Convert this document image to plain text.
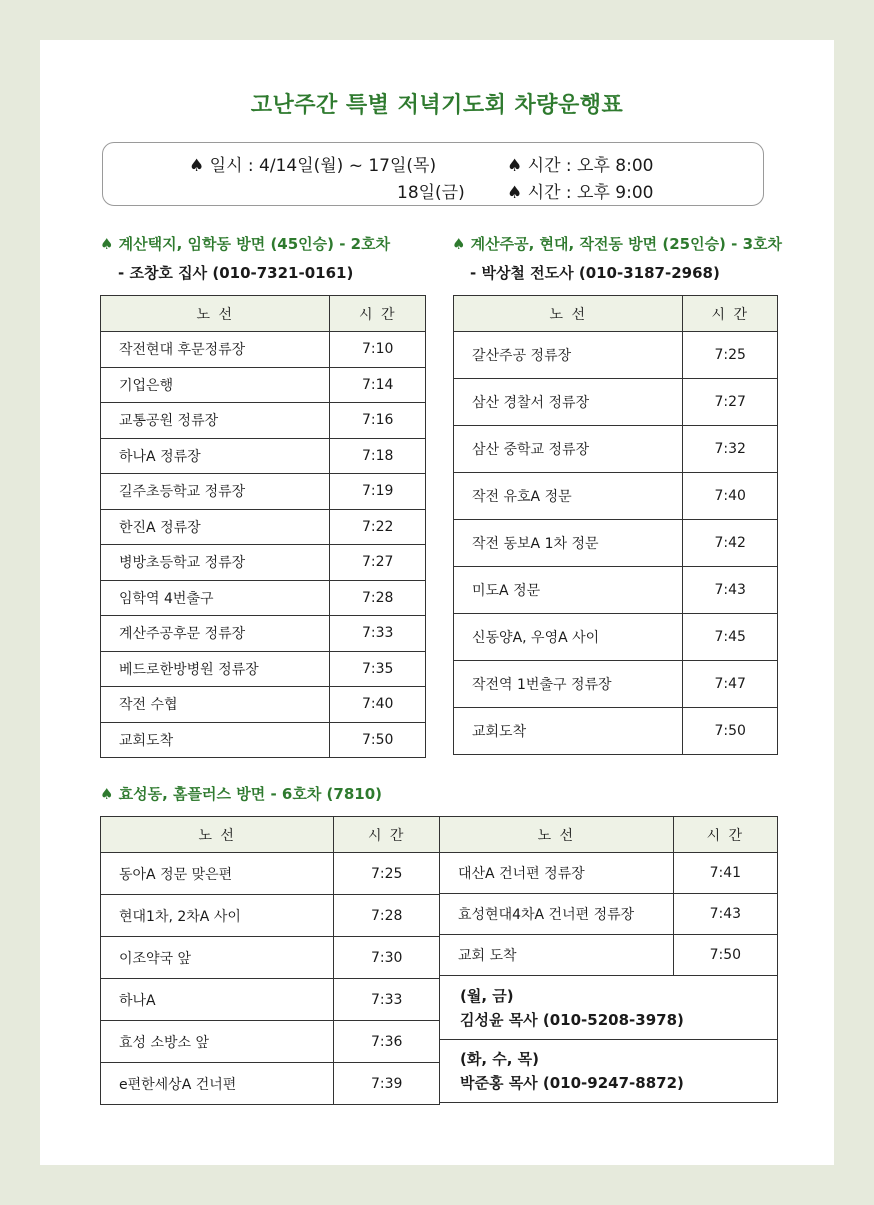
고난주간 특별 저녁기도회 차량운행표
♠ 일시 : 4/14일(월) ~ 17일(목)	♠ 시간 : 오후 8:00
18일(금) ♠ 시간 : 오후 9:00
♠ 계산택지, 임학동 방면 (45인승) - 2호차
- 조창호 집사 (010-7321-0161)
노 선	시 간
작전현대 후문정류장	7:10
기업은행	7:14
교통공원 정류장	7:16
하나A 정류장	7:18
길주초등학교 정류장	7:19
한진A 정류장	7:22
병방초등학교 정류장	7:27
임학역 4번출구	7:28
계산주공후문 정류장	7:33
베드로한방병원 정류장	7:35
작전 수협	7:40
교회도착	7:50
♠ 계산주공, 현대, 작전동 방면 (25인승) - 3호차
- 박상철 전도사 (010-3187-2968)
노 선	시 간
갈산주공 정류장	7:25
삼산 경찰서 정류장	7:27
삼산 중학교 정류장	7:32
작전 유호A 정문	7:40
작전 동보A 1차 정문	7:42
미도A 정문	7:43
신동양A, 우영A 사이	7:45
작전역 1번출구 정류장	7:47
교회도착	7:50
♠ 효성동, 홈플러스 방면 - 6호차 (7810)
노 선	시 간
동아A 정문 맞은편	7:25
현대1차, 2차A 사이	7:28
이조약국 앞	7:30
하나A	7:33
효성 소방소 앞	7:36
e편한세상A 건너편	7:39
노 선	시 간
대산A 건너편 정류장	7:41
효성현대4차A 건너편 정류장	7:43
교회 도착	7:50

(월, 금)
김성윤 목사 (010-5208-3978)	

(화, 수, 목)
박준홍 목사 (010-9247-8872)	
